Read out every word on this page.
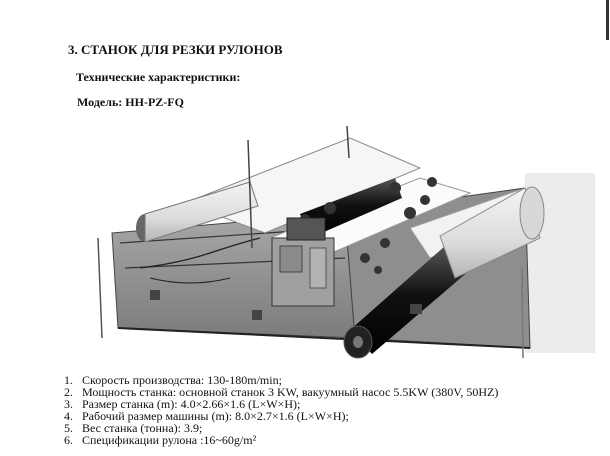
3. СТАНОК ДЛЯ РЕЗКИ РУЛОНОВ
Технические характеристики:
Модель: HH-PZ-FQ
1. Скорость производства: 130-180m/min;
2. Мощность станка: основной станок 3 KW, вакуумный насос 5.5KW (380V, 50HZ)
3. Размер станка (m): 4.0×2.66×1.6 (L×W×H);
4. Рабочий размер машины (m): 8.0×2.7×1.6 (L×W×H);
5. Вес станка (тонна): 3.9;
6. Спецификации рулона :16~60g/m²
